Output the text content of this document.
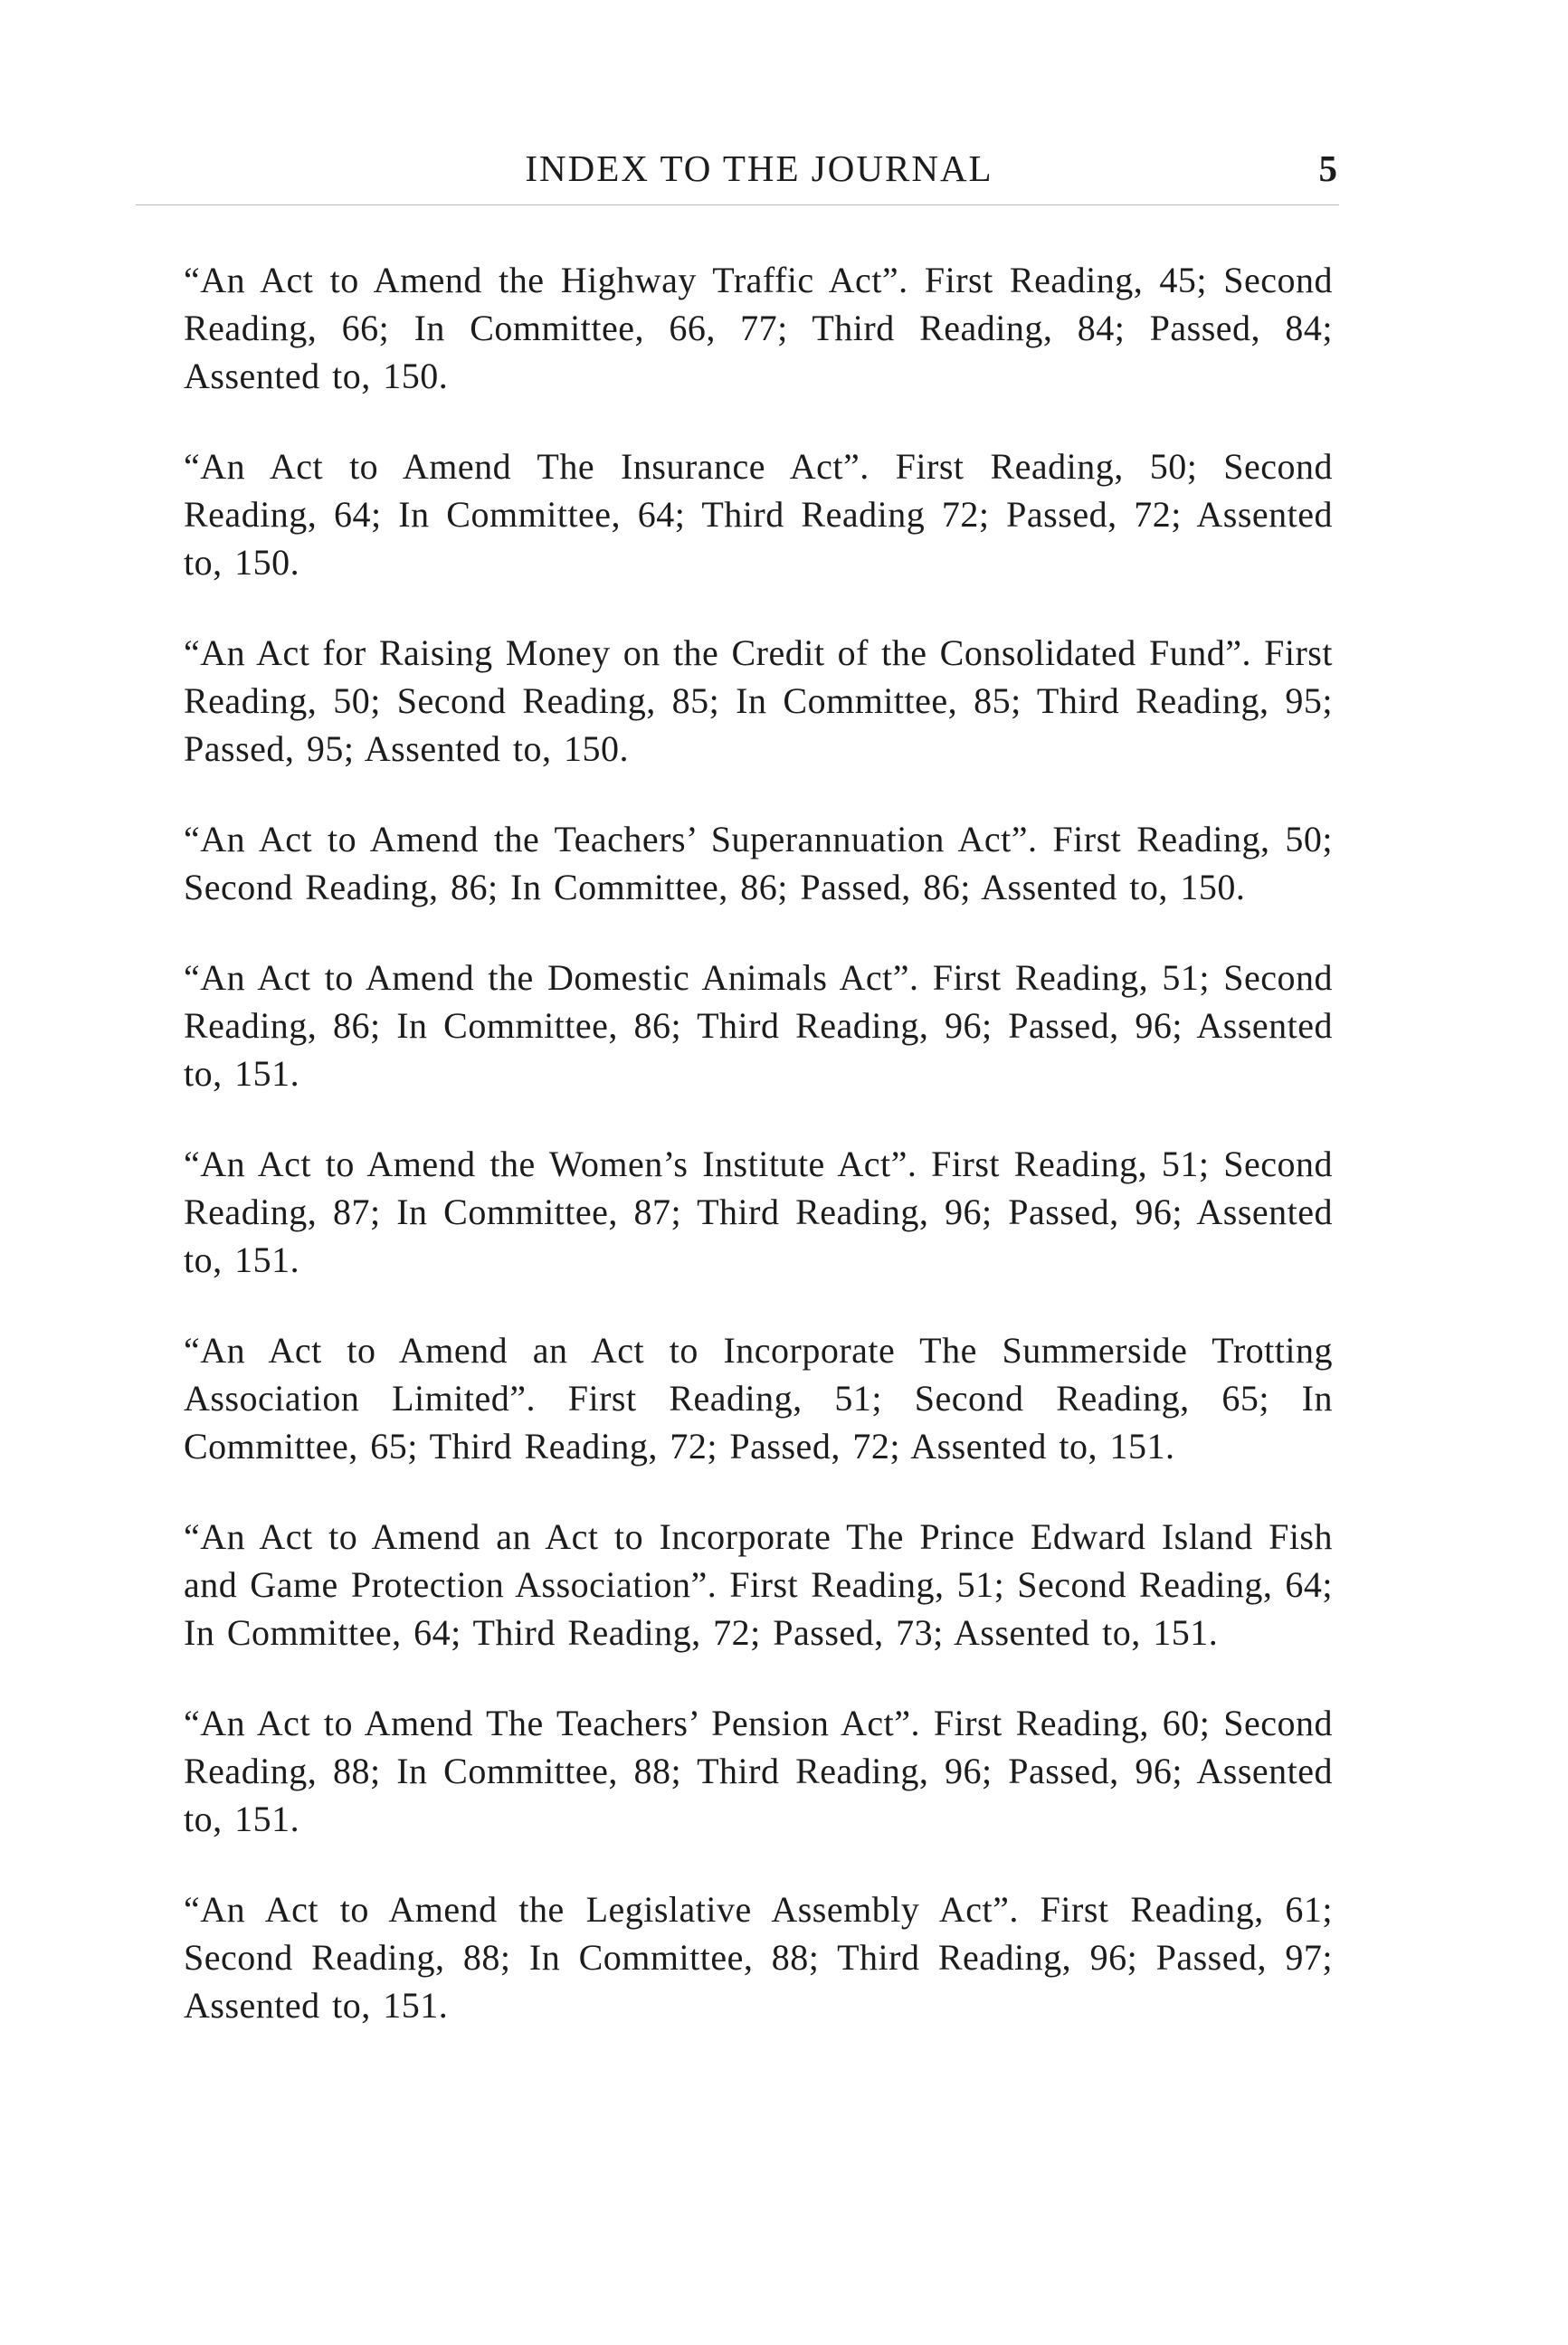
INDEX TO THE JOURNAL	5

“An Act to Amend the Highway Traffic Act”. First Reading, 45; Second Reading, 66; In Committee, 66, 77; Third Reading, 84; Passed, 84; Assented to, 150.

“An Act to Amend The Insurance Act”. First Reading, 50; Second Reading, 64; In Committee, 64; Third Reading 72; Passed, 72; Assented to, 150.

“An Act for Raising Money on the Credit of the Consolidated Fund”. First Reading, 50; Second Reading, 85; In Committee, 85; Third Reading, 95; Passed, 95; Assented to, 150.

“An Act to Amend the Teachers’ Superannuation Act”. First Reading, 50; Second Reading, 86; In Committee, 86; Passed, 86; Assented to, 150.

“An Act to Amend the Domestic Animals Act”. First Reading, 51; Second Reading, 86; In Committee, 86; Third Reading, 96; Passed, 96; Assented to, 151.

“An Act to Amend the Women’s Institute Act”. First Reading, 51; Second Reading, 87; In Committee, 87; Third Reading, 96; Passed, 96; Assented to, 151.

“An Act to Amend an Act to Incorporate The Summerside Trotting Association Limited”. First Reading, 51; Second Reading, 65; In Committee, 65; Third Reading, 72; Passed, 72; Assented to, 151.

“An Act to Amend an Act to Incorporate The Prince Edward Island Fish and Game Protection Association”. First Reading, 51; Second Reading, 64; In Committee, 64; Third Reading, 72; Passed, 73; Assented to, 151.

“An Act to Amend The Teachers’ Pension Act”. First Reading, 60; Second Reading, 88; In Committee, 88; Third Reading, 96; Passed, 96; Assented to, 151.

“An Act to Amend the Legislative Assembly Act”. First Reading, 61; Second Reading, 88; In Committee, 88; Third Reading, 96; Passed, 97; Assented to, 151.
